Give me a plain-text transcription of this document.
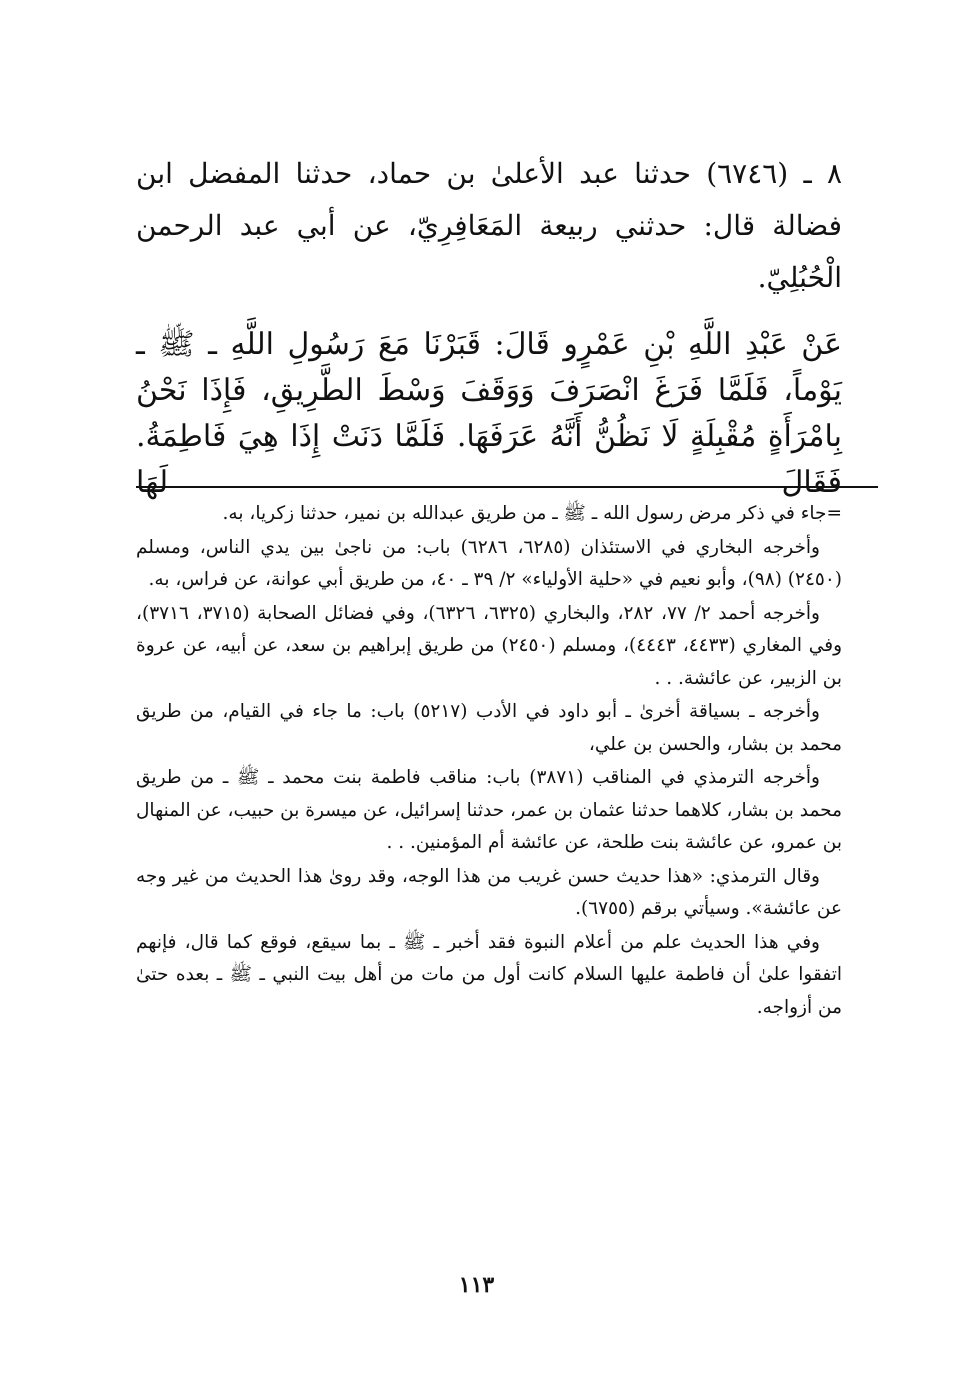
٨ ـ (٦٧٤٦) حدثنا عبد الأعلىٰ بن حماد، حدثنا المفضل ابن فضالة قال: حدثني ربيعة المَعَافِرِيّ، عن أبي عبد الرحمن
الْحُبُلِيّ.

عَنْ عَبْدِ اللَّهِ بْنِ عَمْرٍو قَالَ: قَبَرْنَا مَعَ رَسُولِ اللَّهِ ـ ﷺ ـ يَوْماً، فَلَمَّا فَرَغَ انْصَرَفَ وَوَقَفَ وَسْطَ الطَّرِيقِ، فَإِذَا نَحْنُ بِامْرَأَةٍ مُقْبِلَةٍ لَا نَظُنُّ أَنَّهُ عَرَفَهَا. فَلَمَّا دَنَتْ إِذَا هِيَ فَاطِمَةُ. فَقَالَ لَهَا

=جاء في ذكر مرض رسول الله ـ ﷺ ـ من طريق عبدالله بن نمير، حدثنا زكريا، به.

وأخرجه البخاري في الاستئذان (٦٢٨٥، ٦٢٨٦) باب: من ناجىٰ بين يدي الناس، ومسلم (٢٤٥٠) (٩٨)، وأبو نعيم في «حلية الأولياء» ٢/ ٣٩ ـ ٤٠، من طريق أبي عوانة، عن فراس، به.

وأخرجه أحمد ٢/ ٧٧، ٢٨٢، والبخاري (٦٣٢٥، ٦٣٢٦)، وفي فضائل الصحابة (٣٧١٥، ٣٧١٦)، وفي المغاري (٤٤٣٣، ٤٤٤٣)، ومسلم (٢٤٥٠) من طريق إبراهيم بن سعد، عن أبيه، عن عروة بن الزبير، عن عائشة. . .

وأخرجه ـ بسياقة أخرىٰ ـ أبو داود في الأدب (٥٢١٧) باب: ما جاء في القيام، من طريق محمد بن بشار، والحسن بن علي،

وأخرجه الترمذي في المناقب (٣٨٧١) باب: مناقب فاطمة بنت محمد ـ ﷺ ـ من طريق محمد بن بشار، كلاهما حدثنا عثمان بن عمر، حدثنا إسرائيل، عن ميسرة بن حبيب، عن المنهال بن عمرو، عن عائشة بنت طلحة، عن عائشة أم المؤمنين. . .

وقال الترمذي: «هذا حديث حسن غريب من هذا الوجه، وقد روىٰ هذا الحديث من غير وجه عن عائشة». وسيأتي برقم (٦٧٥٥).

وفي هذا الحديث علم من أعلام النبوة فقد أخبر ـ ﷺ ـ بما سيقع، فوقع كما قال، فإنهم اتفقوا علىٰ أن فاطمة عليها السلام كانت أول من مات من أهل بيت النبي ـ ﷺ ـ بعده حتىٰ من أزواجه.

١١٣
